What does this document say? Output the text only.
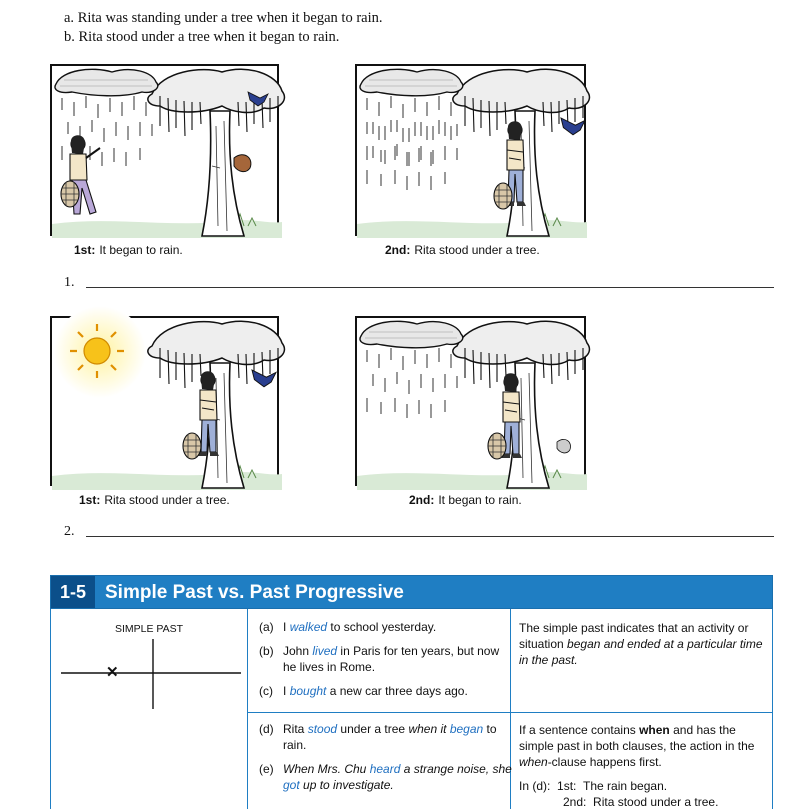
a. Rita was standing under a tree when it began to rain.
b. Rita stood under a tree when it began to rain.
1st: It began to rain.	2nd: Rita stood under a tree.
1.
1st: Rita stood under a tree.	2nd: It began to rain.
2.
1-5	Simple Past vs. Past Progressive
SIMPLE PAST
✕
(a) I walked to school yesterday.
(b) John lived in Paris for ten years, but now he lives in Rome.
(c) I bought a new car three days ago.
The simple past indicates that an activity or situation began and ended at a particular time in the past.
(d) Rita stood under a tree when it began to rain.
(e) When Mrs. Chu heard a strange noise, she got up to investigate.
If a sentence contains when and has the simple past in both clauses, the action in the when-clause happens first.
In (d): 1st: The rain began.
2nd: Rita stood under a tree.
